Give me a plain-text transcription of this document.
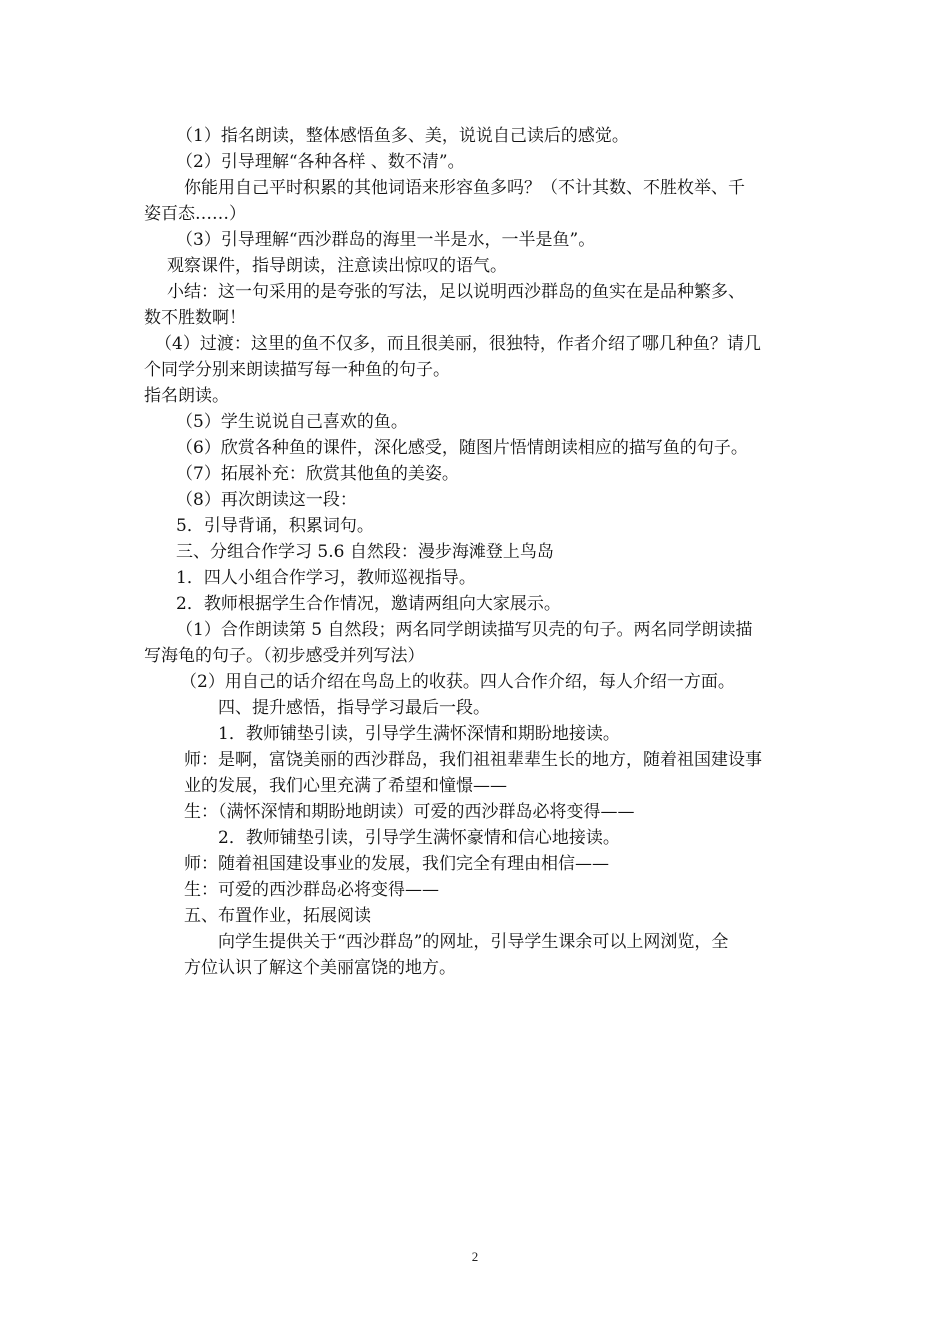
（1）指名朗读，整体感悟鱼多、美，说说自己读后的感觉。
（2）引导理解“各种各样 、数不清”。
你能用自己平时积累的其他词语来形容鱼多吗？（不计其数、不胜枚举、千
姿百态……）
（3）引导理解“西沙群岛的海里一半是水，一半是鱼”。
观察课件，指导朗读，注意读出惊叹的语气。
小结：这一句采用的是夸张的写法，足以说明西沙群岛的鱼实在是品种繁多、
数不胜数啊！
（4）过渡：这里的鱼不仅多，而且很美丽，很独特，作者介绍了哪几种鱼？请几
个同学分别来朗读描写每一种鱼的句子。
指名朗读。
（5）学生说说自己喜欢的鱼。
（6）欣赏各种鱼的课件，深化感受，随图片悟情朗读相应的描写鱼的句子。
（7）拓展补充：欣赏其他鱼的美姿。
（8）再次朗读这一段：
5．引导背诵，积累词句。
三、分组合作学习 5.6 自然段：漫步海滩登上鸟岛
1．四人小组合作学习，教师巡视指导。
2．教师根据学生合作情况，邀请两组向大家展示。
（1）合作朗读第 5 自然段；两名同学朗读描写贝壳的句子。两名同学朗读描
写海龟的句子。（初步感受并列写法）
（2）用自己的话介绍在鸟岛上的收获。四人合作介绍，每人介绍一方面。
四、提升感悟，指导学习最后一段。
1．教师铺垫引读，引导学生满怀深情和期盼地接读。
师：是啊，富饶美丽的西沙群岛，我们祖祖辈辈生长的地方，随着祖国建设事
业的发展，我们心里充满了希望和憧憬——
生：（满怀深情和期盼地朗读）可爱的西沙群岛必将变得——
2．教师铺垫引读，引导学生满怀豪情和信心地接读。
师：随着祖国建设事业的发展，我们完全有理由相信——
生：可爱的西沙群岛必将变得——
五、布置作业，拓展阅读
向学生提供关于“西沙群岛”的网址，引导学生课余可以上网浏览，全
方位认识了解这个美丽富饶的地方。
2
